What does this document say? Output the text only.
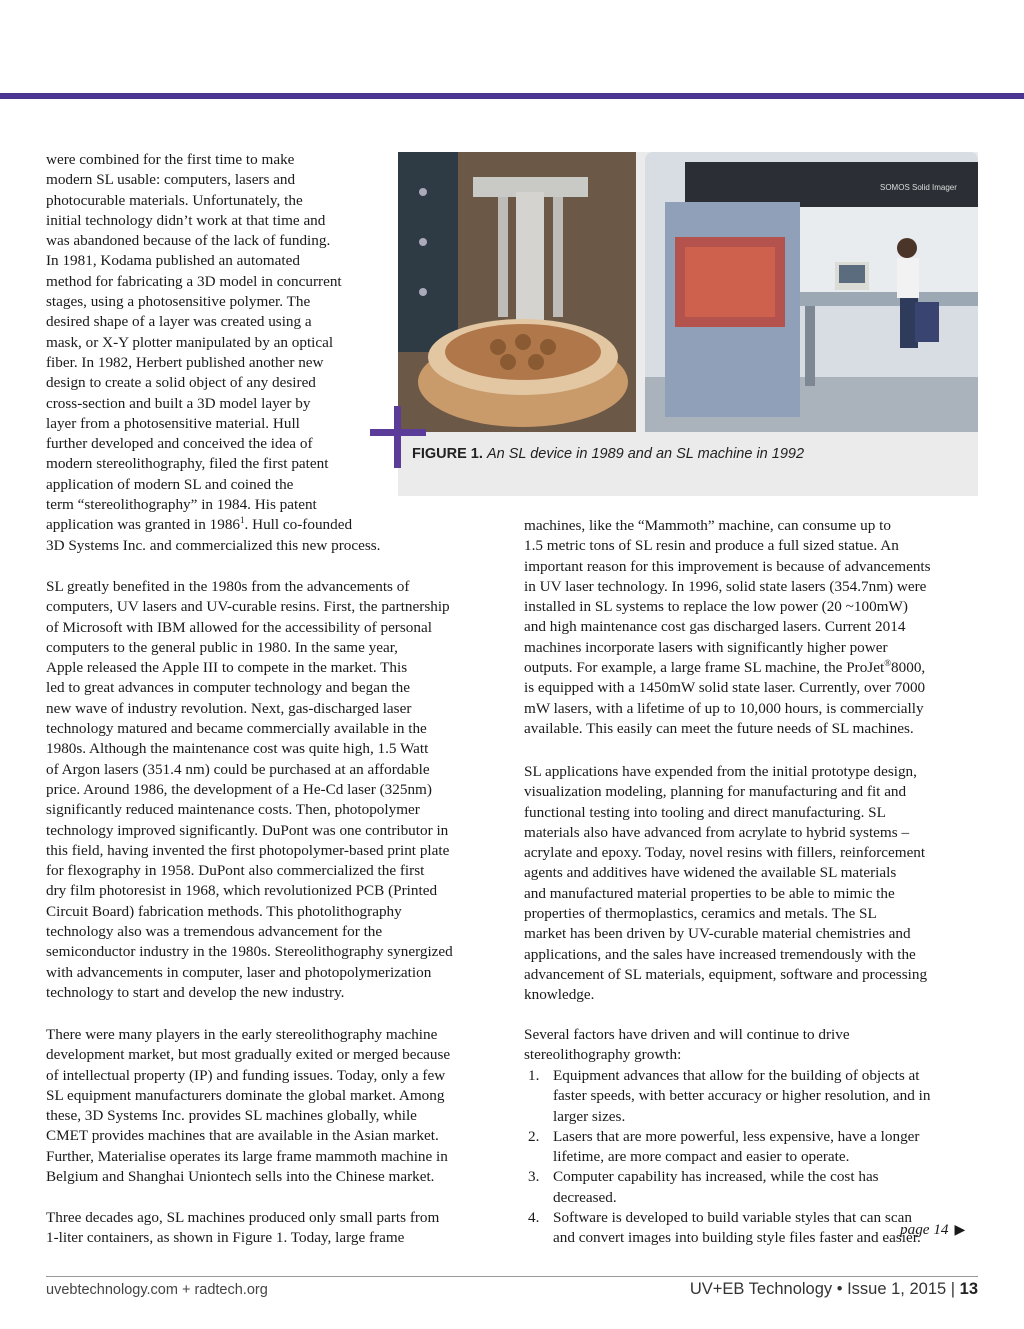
were combined for the first time to make
modern SL usable: computers, lasers and
photocurable materials. Unfortunately, the
initial technology didn’t work at that time and
was abandoned because of the lack of funding.
In 1981, Kodama published an automated
method for fabricating a 3D model in concurrent
stages, using a photosensitive polymer. The
desired shape of a layer was created using a
mask, or X-Y plotter manipulated by an optical
fiber. In 1982, Herbert published another new
design to create a solid object of any desired
cross-section and built a 3D model layer by
layer from a photosensitive material. Hull
further developed and conceived the idea of
modern stereolithography, filed the first patent
application of modern SL and coined the
term “stereolithography” in 1984. His patent
application was granted in 1986$^1$. Hull co-founded
3D Systems Inc. and commercialized this new process.
SL greatly benefited in the 1980s from the advancements of
computers, UV lasers and UV-curable resins. First, the partnership
of Microsoft with IBM allowed for the accessibility of personal
computers to the general public in 1980. In the same year,
Apple released the Apple III to compete in the market. This
led to great advances in computer technology and began the
new wave of industry revolution. Next, gas-discharged laser
technology matured and became commercially available in the
1980s. Although the maintenance cost was quite high, 1.5 Watt
of Argon lasers (351.4 nm) could be purchased at an affordable
price. Around 1986, the development of a He-Cd laser (325nm)
significantly reduced maintenance costs. Then, photopolymer
technology improved significantly. DuPont was one contributor in
this field, having invented the first photopolymer-based print plate
for flexography in 1958. DuPont also commercialized the first
dry film photoresist in 1968, which revolutionized PCB (Printed
Circuit Board) fabrication methods. This photolithography
technology also was a tremendous advancement for the
semiconductor industry in the 1980s. Stereolithography synergized
with advancements in computer, laser and photopolymerization
technology to start and develop the new industry.
There were many players in the early stereolithography machine
development market, but most gradually exited or merged because
of intellectual property (IP) and funding issues. Today, only a few
SL equipment manufacturers dominate the global market. Among
these, 3D Systems Inc. provides SL machines globally, while
CMET provides machines that are available in the Asian market.
Further, Materialise operates its large frame mammoth machine in
Belgium and Shanghai Uniontech sells into the Chinese market.
Three decades ago, SL machines produced only small parts from
1-liter containers, as shown in Figure 1. Today, large frame
SOMOS Solid Imager
FIGURE 1. An SL device in 1989 and an SL machine in 1992
machines, like the “Mammoth” machine, can consume up to
1.5 metric tons of SL resin and produce a full sized statue. An
important reason for this improvement is because of advancements
in UV laser technology. In 1996, solid state lasers (354.7nm) were
installed in SL systems to replace the low power (20 ~100mW)
and high maintenance cost gas discharged lasers. Current 2014
machines incorporate lasers with significantly higher power
outputs. For example, a large frame SL machine, the ProJet®8000,
is equipped with a 1450mW solid state laser. Currently, over 7000
mW lasers, with a lifetime of up to 10,000 hours, is commercially
available. This easily can meet the future needs of SL machines.
SL applications have expended from the initial prototype design,
visualization modeling, planning for manufacturing and fit and
functional testing into tooling and direct manufacturing. SL
materials also have advanced from acrylate to hybrid systems –
acrylate and epoxy. Today, novel resins with fillers, reinforcement
agents and additives have widened the available SL materials
and manufactured material properties to be able to mimic the
properties of thermoplastics, ceramics and metals. The SL
market has been driven by UV-curable material chemistries and
applications, and the sales have increased tremendously with the
advancement of SL materials, equipment, software and processing
knowledge.
Several factors have driven and will continue to drive
stereolithography growth:
1. Equipment advances that allow for the building of objects at
faster speeds, with better accuracy or higher resolution, and in
larger sizes.
2. Lasers that are more powerful, less expensive, have a longer
lifetime, are more compact and easier to operate.
3. Computer capability has increased, while the cost has
decreased.
4. Software is developed to build variable styles that can scan
and convert images into building style files faster and easier.
page 14 ▶
uvebtechnology.com + radtech.org	UV+EB Technology • Issue 1, 2015 | 13
